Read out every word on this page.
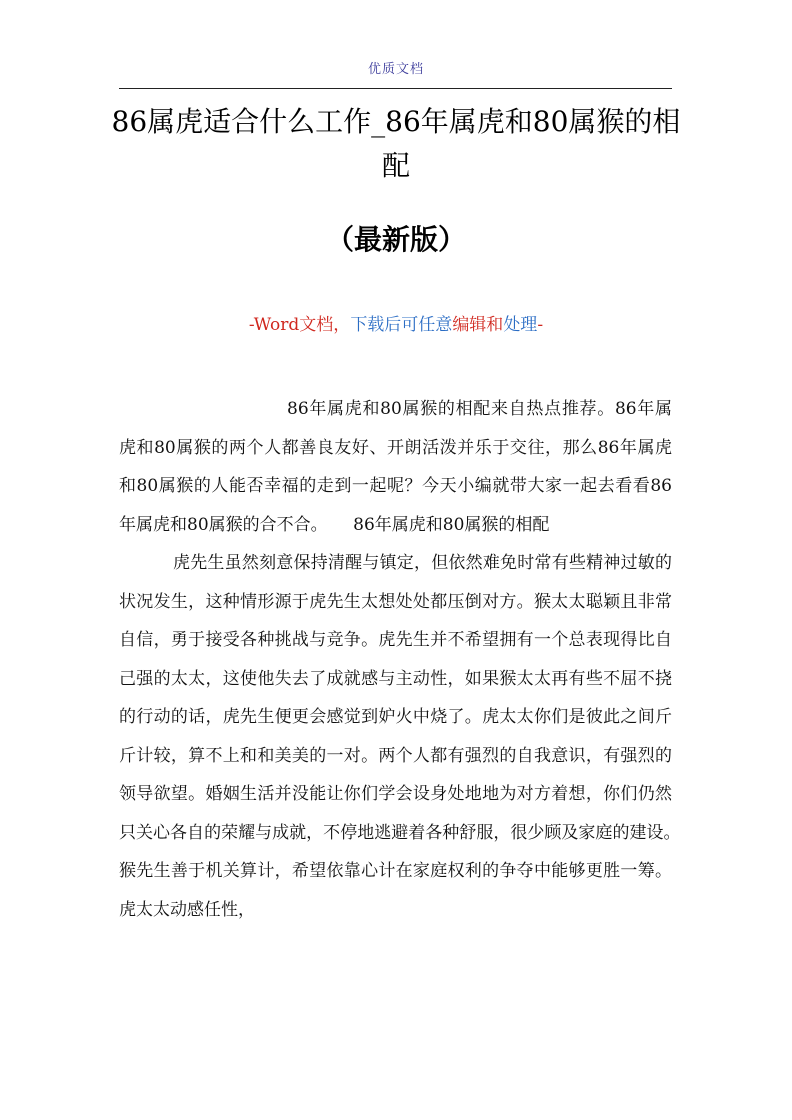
优质文档
86属虎适合什么工作_86年属虎和80属猴的相配
（最新版）
-Word文档，下载后可任意编辑和处理-

86年属虎和80属猴的相配来自热点推荐。86年属虎和80属猴的两个人都善良友好、开朗活泼并乐于交往，那么86年属虎和80属猴的人能否幸福的走到一起呢？今天小编就带大家一起去看看86年属虎和80属猴的合不合。　　86年属虎和80属猴的相配

虎先生虽然刻意保持清醒与镇定，但依然难免时常有些精神过敏的状况发生，这种情形源于虎先生太想处处都压倒对方。猴太太聪颖且非常自信，勇于接受各种挑战与竞争。虎先生并不希望拥有一个总表现得比自己强的太太，这使他失去了成就感与主动性，如果猴太太再有些不屈不挠的行动的话，虎先生便更会感觉到妒火中烧了。虎太太你们是彼此之间斤斤计较，算不上和和美美的一对。两个人都有强烈的自我意识，有强烈的领导欲望。婚姻生活并没能让你们学会设身处地地为对方着想，你们仍然只关心各自的荣耀与成就，不停地逃避着各种舒服，很少顾及家庭的建设。　　猴先生善于机关算计，希望依靠心计在家庭权利的争夺中能够更胜一筹。虎太太动感任性，
